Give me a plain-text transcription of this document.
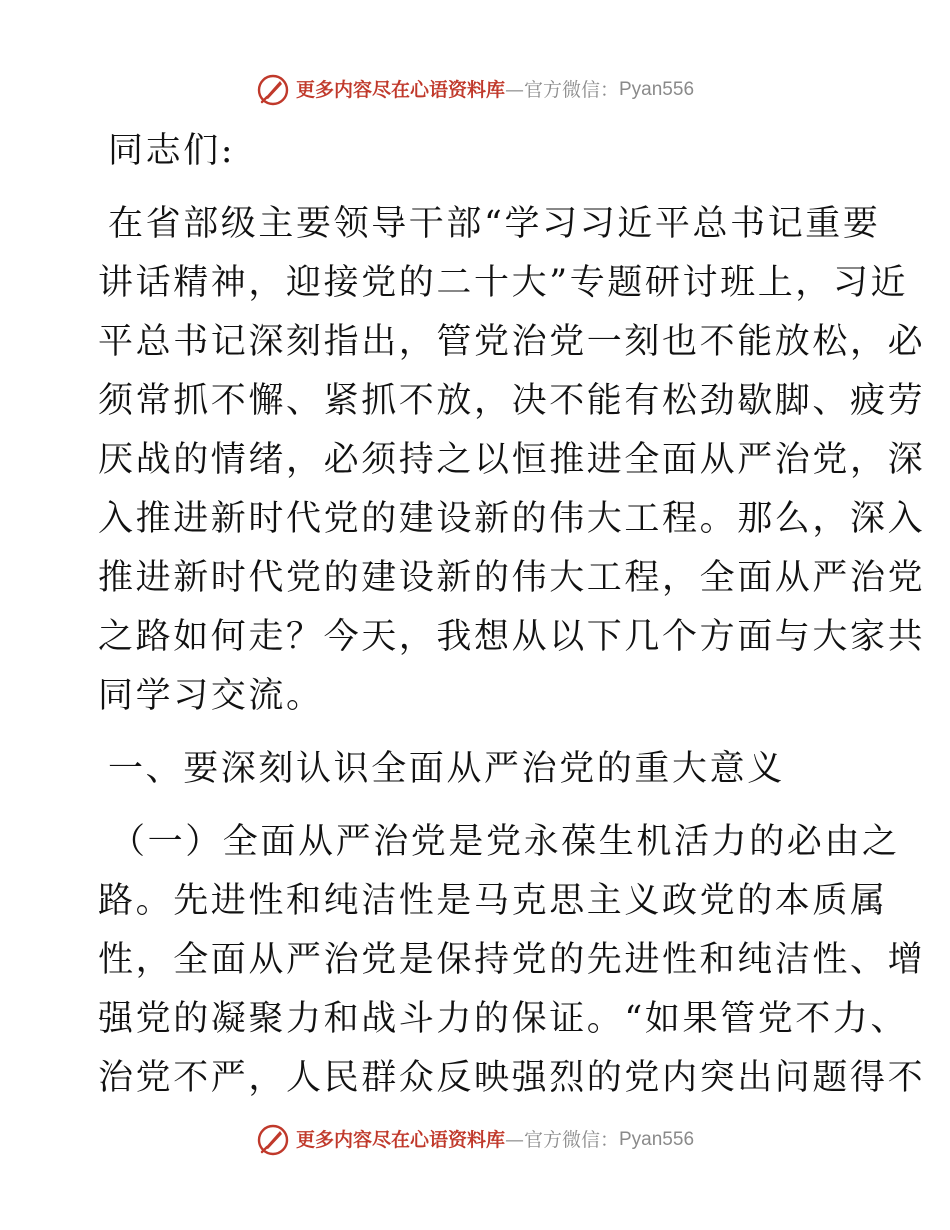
更多内容尽在心语资料库 — 官方微信： Pyan556
同志们:
在省部级主要领导干部“学习习近平总书记重要
讲话精神，迎接党的二十大”专题研讨班上，习近
平总书记深刻指出，管党治党一刻也不能放松，必
须常抓不懈、紧抓不放，决不能有松劲歇脚、疲劳
厌战的情绪，必须持之以恒推进全面从严治党，深
入推进新时代党的建设新的伟大工程。那么，深入
推进新时代党的建设新的伟大工程，全面从严治党
之路如何走？今天，我想从以下几个方面与大家共
同学习交流。
一、要深刻认识全面从严治党的重大意义
（一）全面从严治党是党永葆生机活力的必由之
路。先进性和纯洁性是马克思主义政党的本质属
性，全面从严治党是保持党的先进性和纯洁性、增
强党的凝聚力和战斗力的保证。“如果管党不力、
治党不严，人民群众反映强烈的党内突出问题得不
更多内容尽在心语资料库 — 官方微信： Pyan556
